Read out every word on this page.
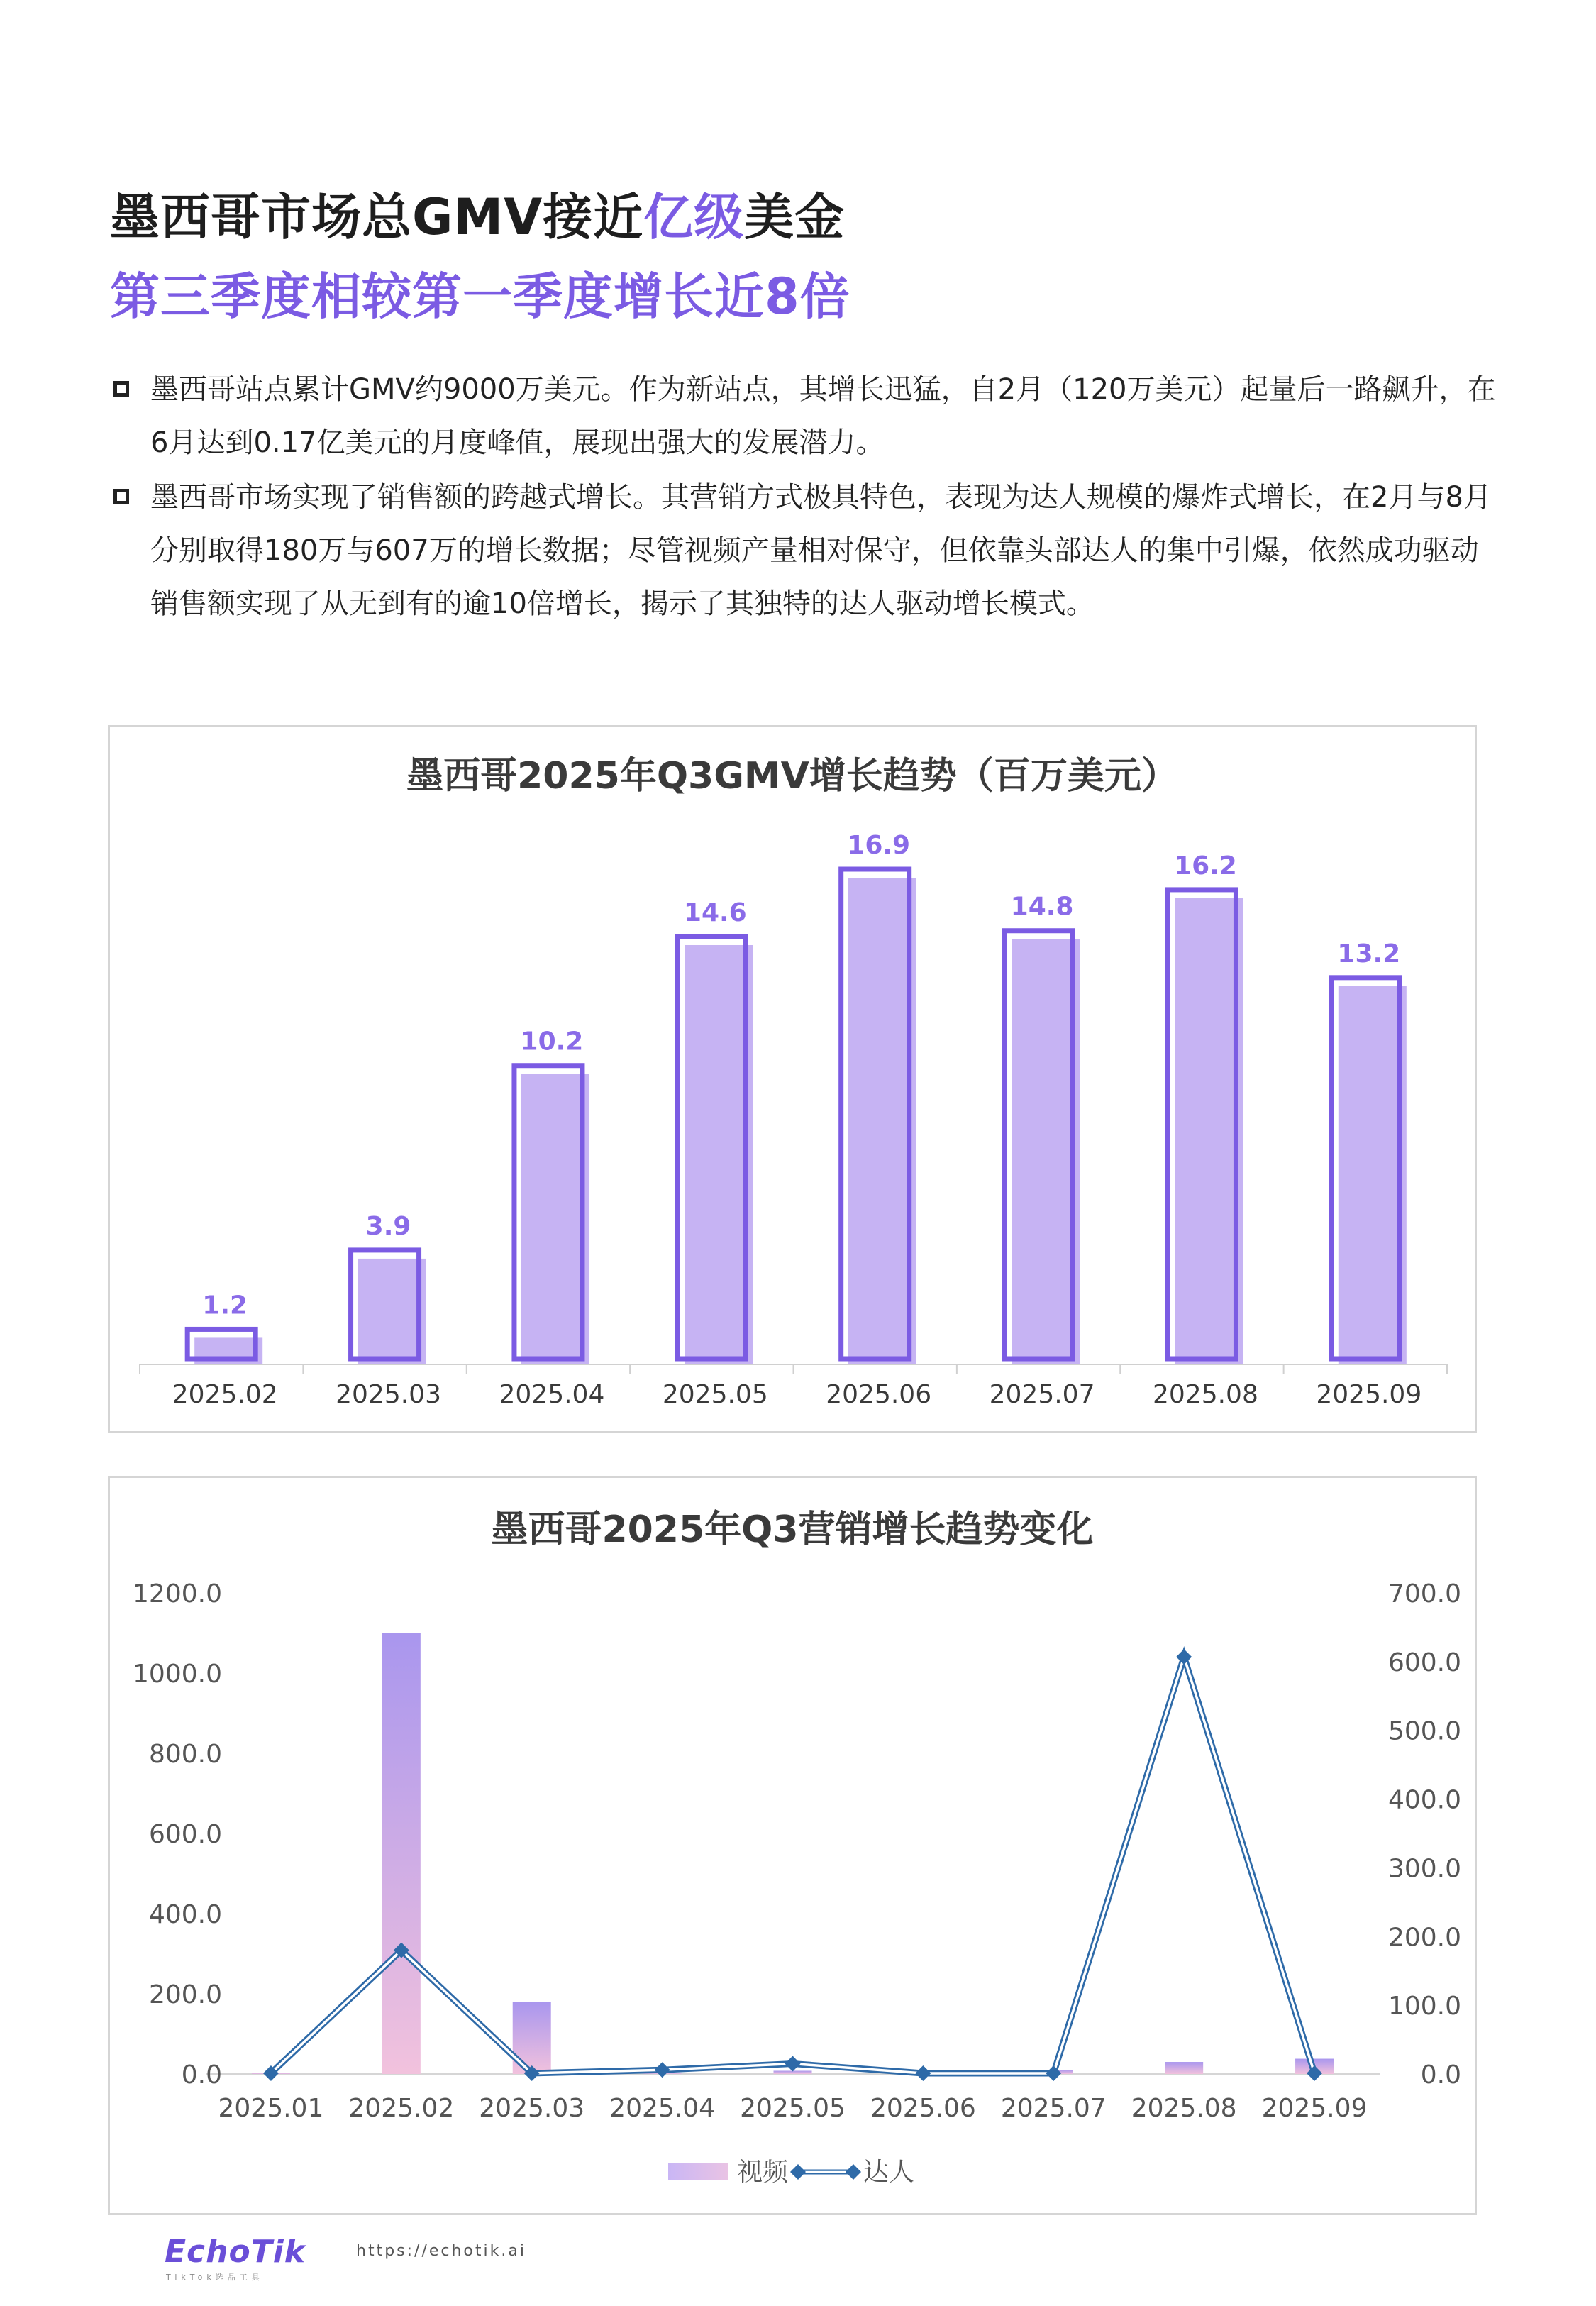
墨西哥市场总GMV接近亿级美金
第三季度相较第一季度增长近8倍
墨西哥站点累计GMV约9000万美元。作为新站点，其增长迅猛，自2月（120万美元）起量后一路飙升，在6月达到0.17亿美元的月度峰值，展现出强大的发展潜力。
墨西哥市场实现了销售额的跨越式增长。其营销方式极具特色，表现为达人规模的爆炸式增长，在2月与8月分别取得180万与607万的增长数据；尽管视频产量相对保守，但依靠头部达人的集中引爆，依然成功驱动销售额实现了从无到有的逾10倍增长，揭示了其独特的达人驱动增长模式。
墨西哥2025年Q3GMV增长趋势（百万美元）
1.2
2025.02
3.9
2025.03
10.2
2025.04
14.6
2025.05
16.9
2025.06
14.8
2025.07
16.2
2025.08
13.2
2025.09
墨西哥2025年Q3营销增长趋势变化
0.0
200.0
400.0
600.0
800.0
1000.0
1200.0
0.0
100.0
200.0
300.0
400.0
500.0
600.0
700.0
2025.01 2025.02 2025.03 2025.04 2025.05 2025.06 2025.07 2025.08 2025.09
视频	达人
EchoTik
TikTok选品工具
https://echotik.ai
